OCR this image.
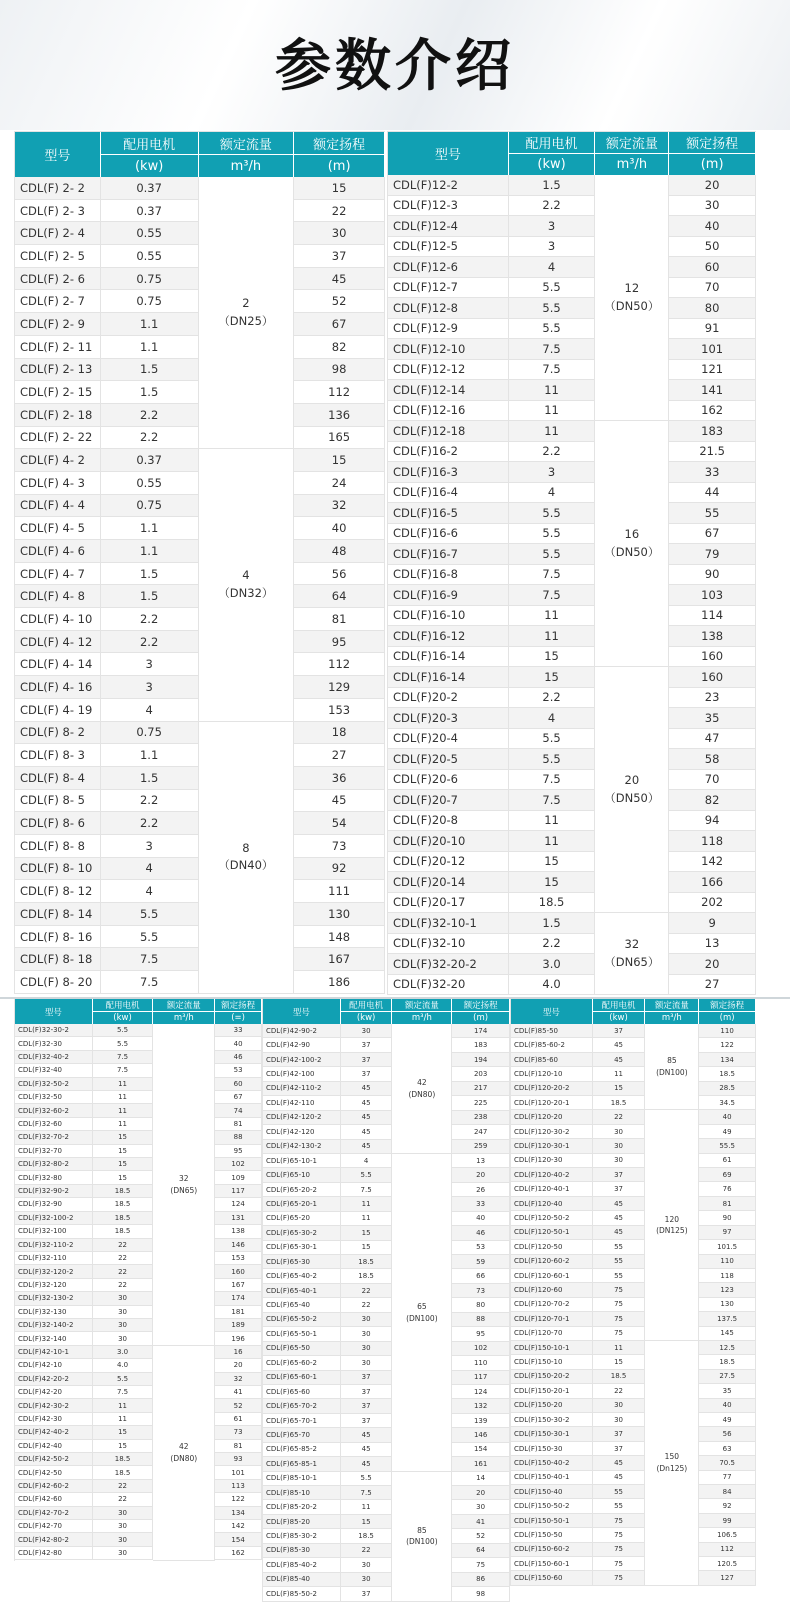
参数介绍
型号
配用电机
(kw)
额定流量
m³/h
额定扬程
(m)
CDL(F) 2- 2
CDL(F) 2- 3
CDL(F) 2- 4
CDL(F) 2- 5
CDL(F) 2- 6
CDL(F) 2- 7
CDL(F) 2- 9
CDL(F) 2- 11
CDL(F) 2- 13
CDL(F) 2- 15
CDL(F) 2- 18
CDL(F) 2- 22
CDL(F) 4- 2
CDL(F) 4- 3
CDL(F) 4- 4
CDL(F) 4- 5
CDL(F) 4- 6
CDL(F) 4- 7
CDL(F) 4- 8
CDL(F) 4- 10
CDL(F) 4- 12
CDL(F) 4- 14
CDL(F) 4- 16
CDL(F) 4- 19
CDL(F) 8- 2
CDL(F) 8- 3
CDL(F) 8- 4
CDL(F) 8- 5
CDL(F) 8- 6
CDL(F) 8- 8
CDL(F) 8- 10
CDL(F) 8- 12
CDL(F) 8- 14
CDL(F) 8- 16
CDL(F) 8- 18
CDL(F) 8- 20
0.37
0.37
0.55
0.55
0.75
0.75
1.1
1.1
1.5
1.5
2.2
2.2
0.37
0.55
0.75
1.1
1.1
1.5
1.5
2.2
2.2
3
3
4
0.75
1.1
1.5
2.2
2.2
3
4
4
5.5
5.5
7.5
7.5
2
（DN25）
4
（DN32）
8
（DN40）
15
22
30
37
45
52
67
82
98
112
136
165
15
24
32
40
48
56
64
81
95
112
129
153
18
27
36
45
54
73
92
111
130
148
167
186
型号
配用电机
(kw)
额定流量
m³/h
额定扬程
(m)
CDL(F)12-2
CDL(F)12-3
CDL(F)12-4
CDL(F)12-5
CDL(F)12-6
CDL(F)12-7
CDL(F)12-8
CDL(F)12-9
CDL(F)12-10
CDL(F)12-12
CDL(F)12-14
CDL(F)12-16
CDL(F)12-18
CDL(F)16-2
CDL(F)16-3
CDL(F)16-4
CDL(F)16-5
CDL(F)16-6
CDL(F)16-7
CDL(F)16-8
CDL(F)16-9
CDL(F)16-10
CDL(F)16-12
CDL(F)16-14
CDL(F)16-14
CDL(F)20-2
CDL(F)20-3
CDL(F)20-4
CDL(F)20-5
CDL(F)20-6
CDL(F)20-7
CDL(F)20-8
CDL(F)20-10
CDL(F)20-12
CDL(F)20-14
CDL(F)20-17
CDL(F)32-10-1
CDL(F)32-10
CDL(F)32-20-2
CDL(F)32-20
1.5
2.2
3
3
4
5.5
5.5
5.5
7.5
7.5
11
11
11
2.2
3
4
5.5
5.5
5.5
7.5
7.5
11
11
15
15
2.2
4
5.5
5.5
7.5
7.5
11
11
15
15
18.5
1.5
2.2
3.0
4.0
12
（DN50）
16
（DN50）
20
（DN50）
32
（DN65）
20
30
40
50
60
70
80
91
101
121
141
162
183
21.5
33
44
55
67
79
90
103
114
138
160
160
23
35
47
58
70
82
94
118
142
166
202
9
13
20
27
型号
配用电机
(kw)
额定流量
m³/h
额定扬程
(=)
CDL(F)32-30-2
CDL(F)32-30
CDL(F)32-40-2
CDL(F)32-40
CDL(F)32-50-2
CDL(F)32-50
CDL(F)32-60-2
CDL(F)32-60
CDL(F)32-70-2
CDL(F)32-70
CDL(F)32-80-2
CDL(F)32-80
CDL(F)32-90-2
CDL(F)32-90
CDL(F)32-100-2
CDL(F)32-100
CDL(F)32-110-2
CDL(F)32-110
CDL(F)32-120-2
CDL(F)32-120
CDL(F)32-130-2
CDL(F)32-130
CDL(F)32-140-2
CDL(F)32-140
CDL(F)42-10-1
CDL(F)42-10
CDL(F)42-20-2
CDL(F)42-20
CDL(F)42-30-2
CDL(F)42-30
CDL(F)42-40-2
CDL(F)42-40
CDL(F)42-50-2
CDL(F)42-50
CDL(F)42-60-2
CDL(F)42-60
CDL(F)42-70-2
CDL(F)42-70
CDL(F)42-80-2
CDL(F)42-80
5.5
5.5
7.5
7.5
11
11
11
11
15
15
15
15
18.5
18.5
18.5
18.5
22
22
22
22
30
30
30
30
3.0
4.0
5.5
7.5
11
11
15
15
18.5
18.5
22
22
30
30
30
30
32
(DN65)
42
(DN80)
33
40
46
53
60
67
74
81
88
95
102
109
117
124
131
138
146
153
160
167
174
181
189
196
16
20
32
41
52
61
73
81
93
101
113
122
134
142
154
162
型号
配用电机
(kw)
额定流量
m³/h
额定扬程
(m)
CDL(F)42-90-2
CDL(F)42-90
CDL(F)42-100-2
CDL(F)42-100
CDL(F)42-110-2
CDL(F)42-110
CDL(F)42-120-2
CDL(F)42-120
CDL(F)42-130-2
CDL(F)65-10-1
CDL(F)65-10
CDL(F)65-20-2
CDL(F)65-20-1
CDL(F)65-20
CDL(F)65-30-2
CDL(F)65-30-1
CDL(F)65-30
CDL(F)65-40-2
CDL(F)65-40-1
CDL(F)65-40
CDL(F)65-50-2
CDL(F)65-50-1
CDL(F)65-50
CDL(F)65-60-2
CDL(F)65-60-1
CDL(F)65-60
CDL(F)65-70-2
CDL(F)65-70-1
CDL(F)65-70
CDL(F)65-85-2
CDL(F)65-85-1
CDL(F)85-10-1
CDL(F)85-10
CDL(F)85-20-2
CDL(F)85-20
CDL(F)85-30-2
CDL(F)85-30
CDL(F)85-40-2
CDL(F)85-40
CDL(F)85-50-2
30
37
37
37
45
45
45
45
45
4
5.5
7.5
11
11
15
15
18.5
18.5
22
22
30
30
30
30
37
37
37
37
45
45
45
5.5
7.5
11
15
18.5
22
30
30
37
42
(DN80)
65
(DN100)
85
(DN100)
174
183
194
203
217
225
238
247
259
13
20
26
33
40
46
53
59
66
73
80
88
95
102
110
117
124
132
139
146
154
161
14
20
30
41
52
64
75
86
98
型号
配用电机
(kw)
额定流量
m³/h
额定扬程
(m)
CDL(F)85-50
CDL(F)85-60-2
CDL(F)85-60
CDL(F)120-10
CDL(F)120-20-2
CDL(F)120-20-1
CDL(F)120-20
CDL(F)120-30-2
CDL(F)120-30-1
CDL(F)120-30
CDL(F)120-40-2
CDL(F)120-40-1
CDL(F)120-40
CDL(F)120-50-2
CDL(F)120-50-1
CDL(F)120-50
CDL(F)120-60-2
CDL(F)120-60-1
CDL(F)120-60
CDL(F)120-70-2
CDL(F)120-70-1
CDL(F)120-70
CDL(F)150-10-1
CDL(F)150-10
CDL(F)150-20-2
CDL(F)150-20-1
CDL(F)150-20
CDL(F)150-30-2
CDL(F)150-30-1
CDL(F)150-30
CDL(F)150-40-2
CDL(F)150-40-1
CDL(F)150-40
CDL(F)150-50-2
CDL(F)150-50-1
CDL(F)150-50
CDL(F)150-60-2
CDL(F)150-60-1
CDL(F)150-60
37
45
45
11
15
18.5
22
30
30
30
37
37
45
45
45
55
55
55
75
75
75
75
11
15
18.5
22
30
30
37
37
45
45
55
55
75
75
75
75
75
85
(DN100)
120
(DN125)
150
(Dn125)
110
122
134
18.5
28.5
34.5
40
49
55.5
61
69
76
81
90
97
101.5
110
118
123
130
137.5
145
12.5
18.5
27.5
35
40
49
56
63
70.5
77
84
92
99
106.5
112
120.5
127
